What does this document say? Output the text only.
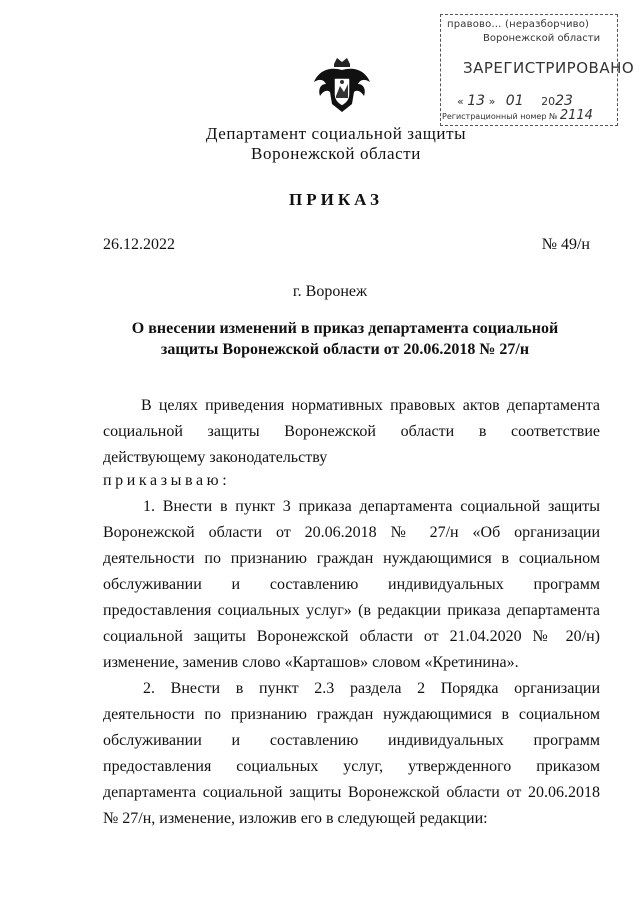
правово… (неразборчиво)
Воронежской области
ЗАРЕГИСТРИРОВАНО
« 13 »   01 2023
Регистрационный номер № 2114
Департамент социальной защиты
Воронежской области
ПРИКАЗ
26.12.2022	№ 49/н
г. Воронеж
О внесении изменений в приказ департамента социальной защиты Воронежской области от 20.06.2018 № 27/н
В целях приведения нормативных правовых актов департамента социальной защиты Воронежской области в соответствие действующему законодательству
приказываю:
1. Внести в пункт 3 приказа департамента социальной защиты Воронежской области от 20.06.2018 № 27/н «Об организации деятельности по признанию граждан нуждающимися в социальном обслуживании и составлению индивидуальных программ предоставления социальных услуг» (в редакции приказа департамента социальной защиты Воронежской области от 21.04.2020 № 20/н) изменение, заменив слово «Карташов» словом «Кретинина».
2. Внести в пункт 2.3 раздела 2 Порядка организации деятельности по признанию граждан нуждающимися в социальном обслуживании и составлению индивидуальных программ предоставления социальных услуг, утвержденного приказом департамента социальной защиты Воронежской области от 20.06.2018 № 27/н, изменение, изложив его в следующей редакции:
